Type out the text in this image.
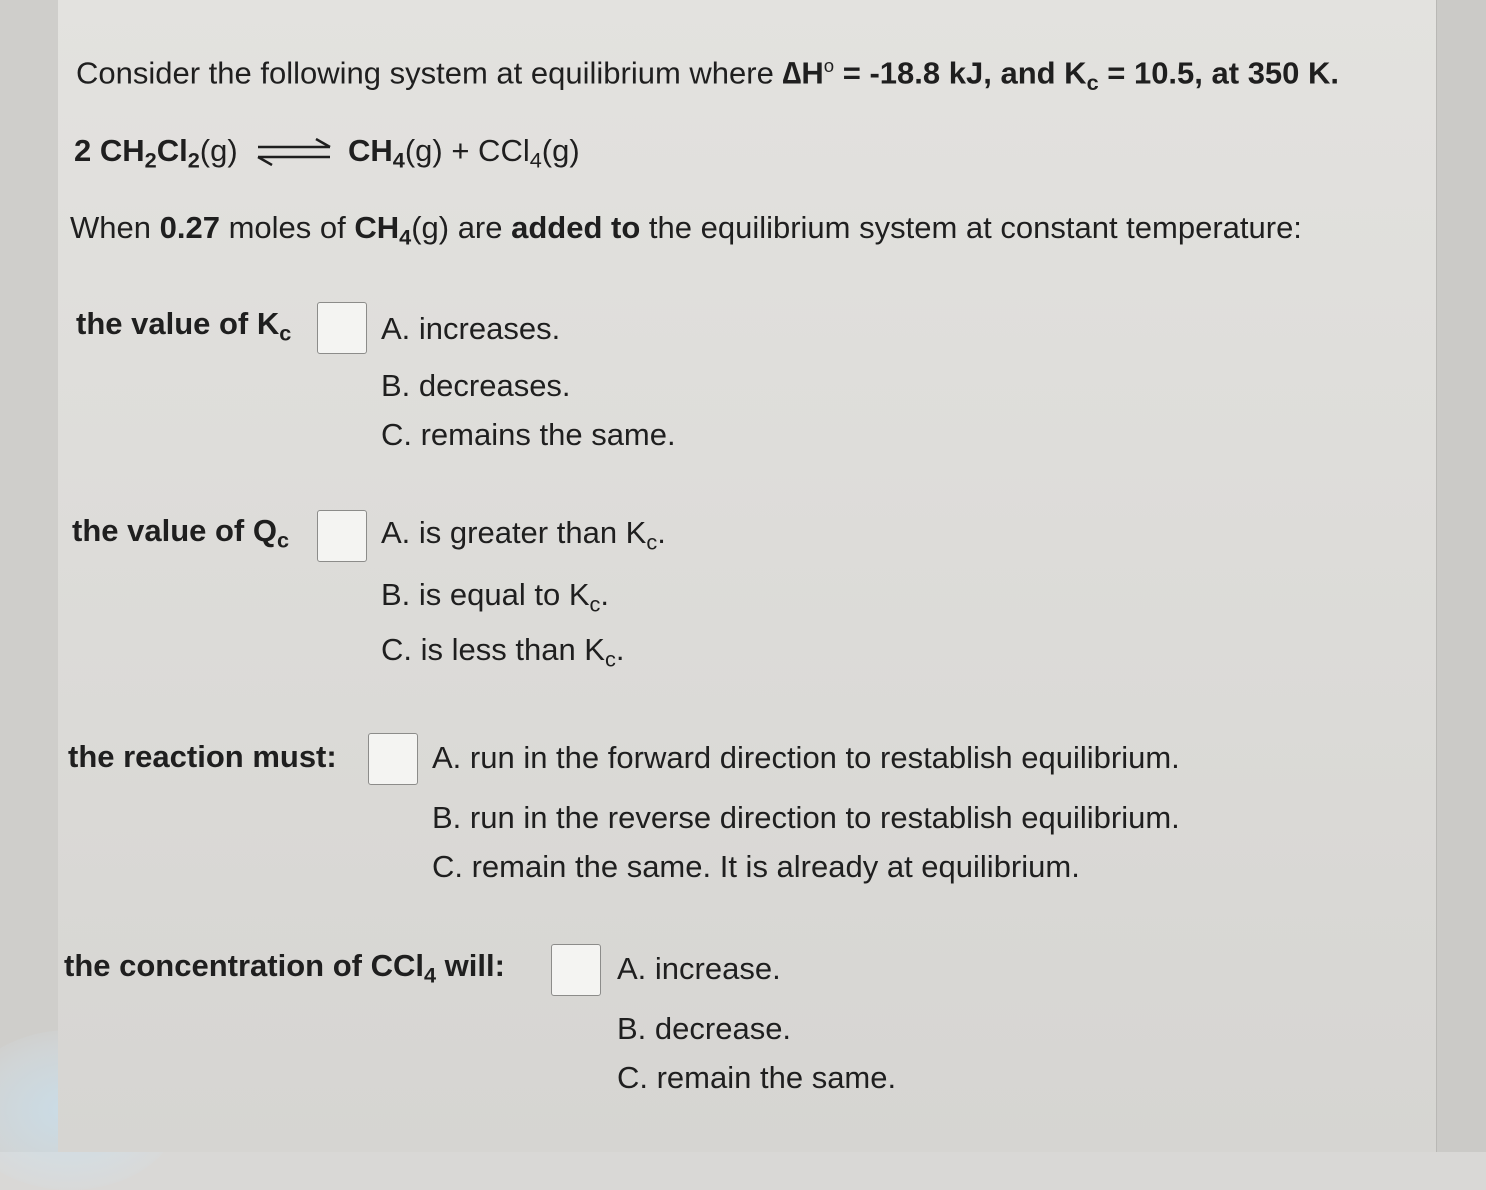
Consider the following system at equilibrium where $\Delta H^o = -18.8$ kJ, and $K_c = 10.5$, at 350 K.
2 $CH_2Cl_2(g)$	$CH_4(g) + CCl_4(g)$
When 0.27 moles of $CH_4(g)$ are added to the equilibrium system at constant temperature:
the value of $K_c$	A. increases.
B. decreases.
C. remains the same.
the value of $Q_c$	A. is greater than $K_c$.
B. is equal to $K_c$.
C. is less than $K_c$.
the reaction must:	A. run in the forward direction to restablish equilibrium.
B. run in the reverse direction to restablish equilibrium.
C. remain the same. It is already at equilibrium.
the concentration of CCl$_4$ will:	A. increase.
B. decrease.
C. remain the same.
